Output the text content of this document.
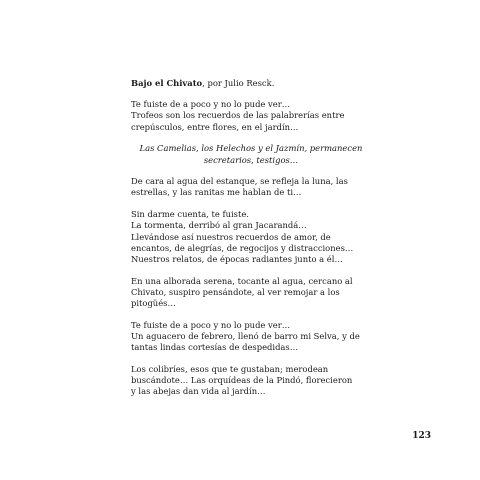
Bajo el Chivato, por Julio Resck.

Te fuiste de a poco y no lo pude ver…
Trofeos son los recuerdos de las palabrerías entre
crepúsculos, entre flores, en el jardín…

Las Camelias, los Helechos y el Jazmín, permanecen
secretarios, testigos…

De cara al agua del estanque, se refleja la luna, las
estrellas, y las ranitas me hablan de ti…

Sin darme cuenta, te fuiste.
La tormenta, derribó al gran Jacarandá…
Llevándose así nuestros recuerdos de amor, de
encantos, de alegrías, de regocijos y distracciones…
Nuestros relatos, de épocas radiantes junto a él…

En una alborada serena, tocante al agua, cercano al
Chivato, suspiro pensándote, al ver remojar a los
pitogüés…

Te fuiste de a poco y no lo pude ver…
Un aguacero de febrero, llenó de barro mi Selva, y de
tantas lindas cortesías de despedidas…

Los colibríes, esos que te gustaban; merodean
buscándote… Las orquídeas de la Pindó, florecieron
y las abejas dan vida al jardín…

123
